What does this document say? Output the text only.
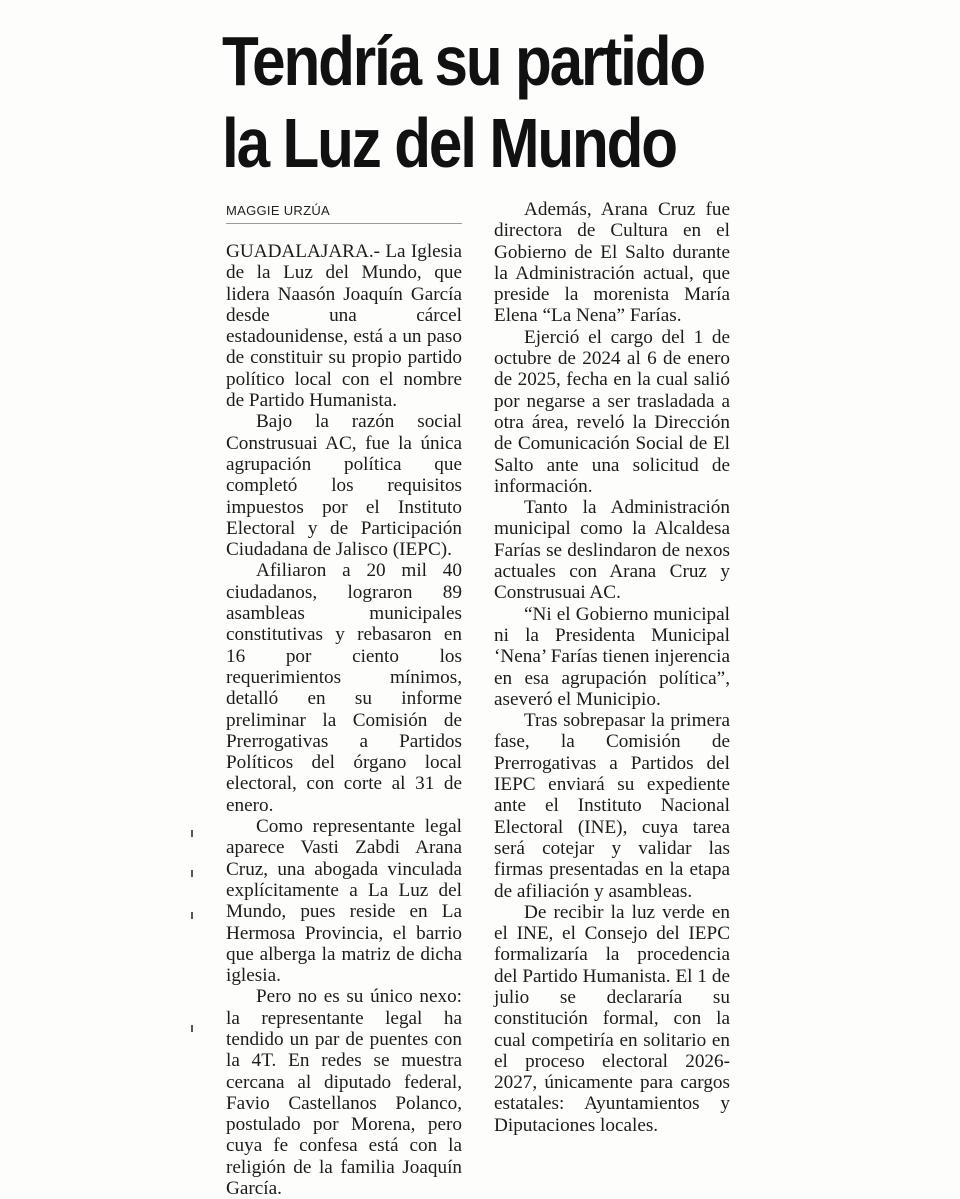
Tendría su partido
la Luz del Mundo
MAGGIE URZÚA

GUADALAJARA.- La Iglesia de la Luz del Mundo, que lidera Naasón Joaquín García desde una cárcel estadounidense, está a un paso de constituir su propio partido político local con el nombre de Partido Humanista.

Bajo la razón social Construsuai AC, fue la única agrupación política que completó los requisitos impuestos por el Instituto Electoral y de Participación Ciudadana de Jalisco (IEPC).

Afiliaron a 20 mil 40 ciudadanos, lograron 89 asambleas municipales constitutivas y rebasaron en 16 por ciento los requerimientos mínimos, detalló en su informe preliminar la Comisión de Prerrogativas a Partidos Políticos del órgano local electoral, con corte al 31 de enero.

Como representante legal aparece Vasti Zabdi Arana Cruz, una abogada vinculada explícitamente a La Luz del Mundo, pues reside en La Hermosa Provincia, el barrio que alberga la matriz de dicha iglesia.

Pero no es su único nexo: la representante legal ha tendido un par de puentes con la 4T. En redes se muestra cercana al diputado federal, Favio Castellanos Polanco, postulado por Morena, pero cuya fe confesa está con la religión de la familia Joaquín García.

Además, Arana Cruz fue directora de Cultura en el Gobierno de El Salto durante la Administración actual, que preside la morenista María Elena “La Nena” Farías.

Ejerció el cargo del 1 de octubre de 2024 al 6 de enero de 2025, fecha en la cual salió por negarse a ser trasladada a otra área, reveló la Dirección de Comunicación Social de El Salto ante una solicitud de información.

Tanto la Administración municipal como la Alcaldesa Farías se deslindaron de nexos actuales con Arana Cruz y Construsuai AC.

“Ni el Gobierno municipal ni la Presidenta Municipal ‘Nena’ Farías tienen injerencia en esa agrupación política”, aseveró el Municipio.

Tras sobrepasar la primera fase, la Comisión de Prerrogativas a Partidos del IEPC enviará su expediente ante el Instituto Nacional Electoral (INE), cuya tarea será cotejar y validar las firmas presentadas en la etapa de afiliación y asambleas.

De recibir la luz verde en el INE, el Consejo del IEPC formalizaría la procedencia del Partido Humanista. El 1 de julio se declararía su constitución formal, con la cual competiría en solitario en el proceso electoral 2026-2027, únicamente para cargos estatales: Ayuntamientos y Diputaciones locales.
